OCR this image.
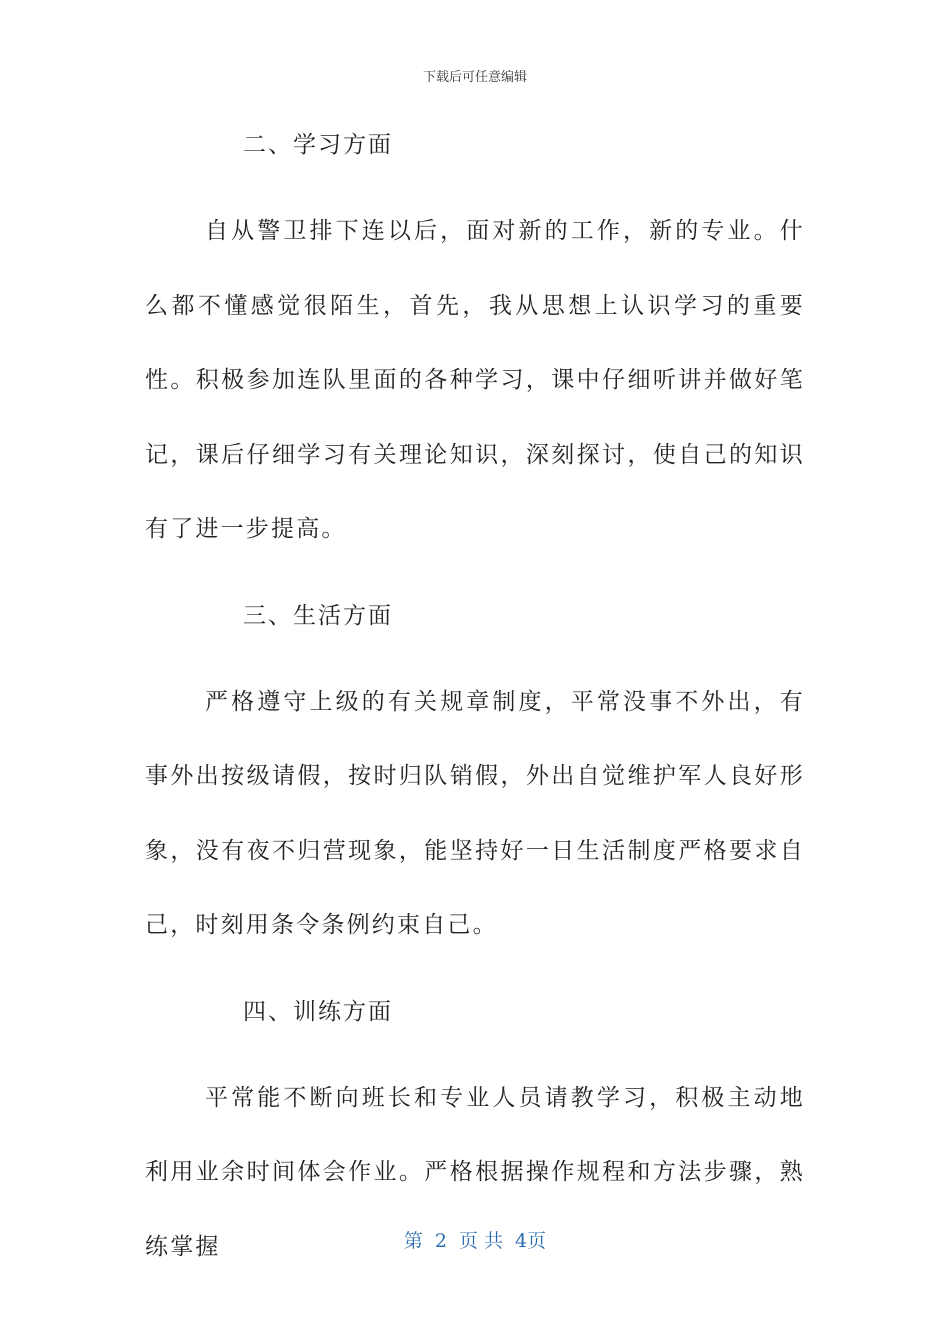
下载后可任意编辑
二、学习方面

自从警卫排下连以后，面对新的工作，新的专业。什么都不懂感觉很陌生，首先，我从思想上认识学习的重要性。积极参加连队里面的各种学习，课中仔细听讲并做好笔记，课后仔细学习有关理论知识，深刻探讨，使自己的知识有了进一步提高。

三、生活方面

严格遵守上级的有关规章制度，平常没事不外出，有事外出按级请假，按时归队销假，外出自觉维护军人良好形象，没有夜不归营现象，能坚持好一日生活制度严格要求自己，时刻用条令条例约束自己。

四、训练方面

平常能不断向班长和专业人员请教学习，积极主动地利用业余时间体会作业。严格根据操作规程和方法步骤，熟练掌握	第 2 页 共 4页
